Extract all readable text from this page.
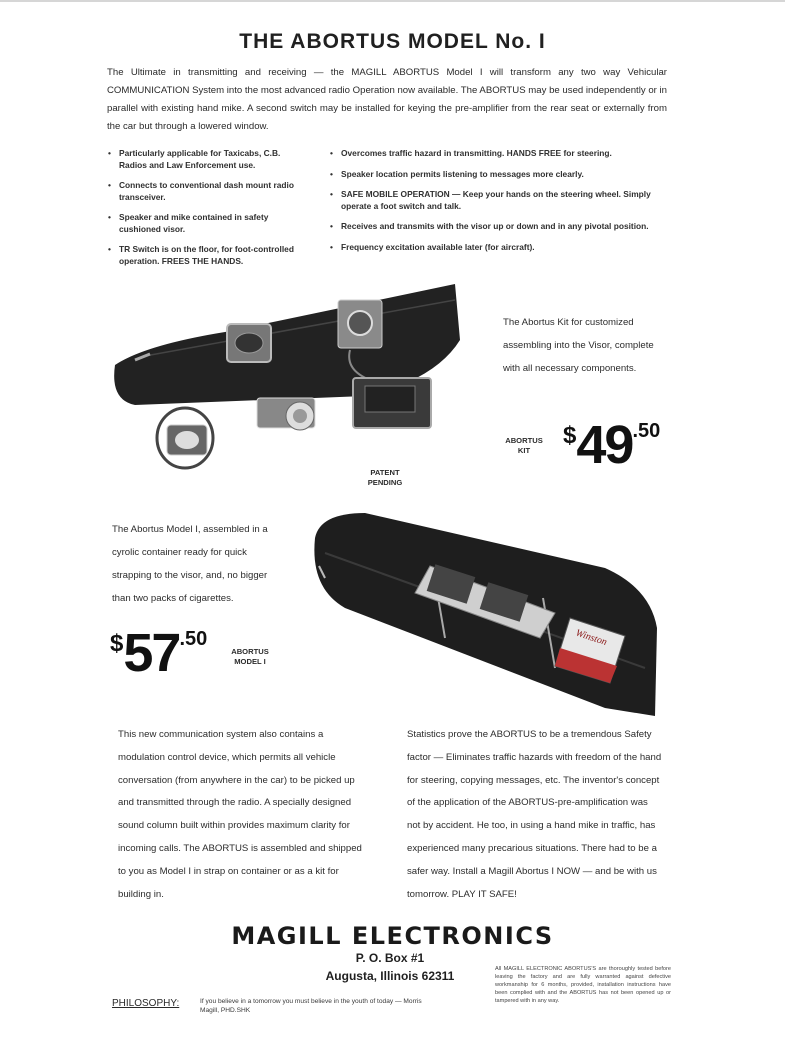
THE ABORTUS MODEL No. I

The Ultimate in transmitting and receiving — the MAGILL ABORTUS Model I will transform any two way Vehicular COMMUNICATION System into the most advanced radio Operation now available. The ABORTUS may be used independently or in parallel with existing hand mike. A second switch may be installed for keying the pre-amplifier from the rear seat or externally from the car but through a lowered window.

• Particularly applicable for Taxicabs, C.B. Radios and Law Enforcement use.
• Connects to conventional dash mount radio transceiver.
• Speaker and mike contained in safety cushioned visor.
• TR Switch is on the floor, for foot-controlled operation. FREES THE HANDS.
• Overcomes traffic hazard in transmitting. HANDS FREE for steering.
• Speaker location permits listening to messages more clearly.
• SAFE MOBILE OPERATION — Keep your hands on the steering wheel. Simply operate a foot switch and talk.
• Receives and transmits with the visor up or down and in any pivotal position.
• Frequency excitation available later (for aircraft).

The Abortus Kit for customized assembling into the Visor, complete with all necessary components.

ABORTUS
KIT
$49.50
PATENT
PENDING
Winston

The Abortus Model I, assembled in a cyrolic container ready for quick strapping to the visor, and, no bigger than two packs of cigarettes.

$57.50
ABORTUS
MODEL I

This new communication system also contains a modulation control device, which permits all vehicle conversation (from anywhere in the car) to be picked up and transmitted through the radio. A specially designed sound column built within provides maximum clarity for incoming calls. The ABORTUS is assembled and shipped to you as Model I in strap on container or as a kit for building in.

Statistics prove the ABORTUS to be a tremendous Safety factor — Eliminates traffic hazards with freedom of the hand for steering, copying messages, etc. The inventor's concept of the application of the ABORTUS-pre-amplification was not by accident. He too, in using a hand mike in traffic, has experienced many precarious situations. There had to be a safer way. Install a Magill Abortus I NOW — and be with us tomorrow. PLAY IT SAFE!

MAGILL ELECTRONICS
P. O. Box #1
Augusta, Illinois 62311
PHILOSOPHY:	If you believe in a tomorrow you must believe in the youth of today — Morris Magill, PHD.SHK
All MAGILL ELECTRONIC ABORTUS'S are thoroughly tested before leaving the factory and are fully warranted against defective workmanship for 6 months, provided, installation instructions have been complied with and the ABORTUS has not been opened up or tampered with in any way.
